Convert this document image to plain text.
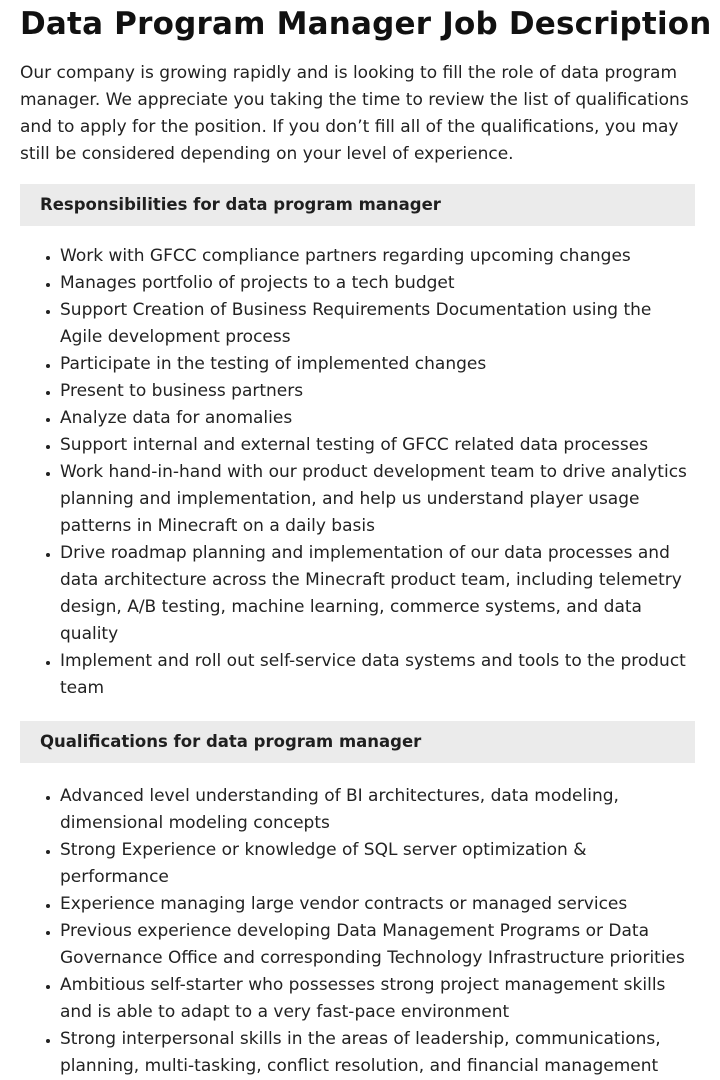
Data Program Manager Job Description

Our company is growing rapidly and is looking to fill the role of data program manager. We appreciate you taking the time to review the list of qualifications and to apply for the position. If you don’t fill all of the qualifications, you may still be considered depending on your level of experience.

Responsibilities for data program manager
• Work with GFCC compliance partners regarding upcoming changes
• Manages portfolio of projects to a tech budget
• Support Creation of Business Requirements Documentation using the Agile development process
• Participate in the testing of implemented changes
• Present to business partners
• Analyze data for anomalies
• Support internal and external testing of GFCC related data processes
• Work hand-in-hand with our product development team to drive analytics planning and implementation, and help us understand player usage patterns in Minecraft on a daily basis
• Drive roadmap planning and implementation of our data processes and data architecture across the Minecraft product team, including telemetry design, A/B testing, machine learning, commerce systems, and data quality
• Implement and roll out self-service data systems and tools to the product team
Qualifications for data program manager
• Advanced level understanding of BI architectures, data modeling, dimensional modeling concepts
• Strong Experience or knowledge of SQL server optimization & performance
• Experience managing large vendor contracts or managed services
• Previous experience developing Data Management Programs or Data Governance Office and corresponding Technology Infrastructure priorities
• Ambitious self-starter who possesses strong project management skills and is able to adapt to a very fast-pace environment
• Strong interpersonal skills in the areas of leadership, communications, planning, multi-tasking, conflict resolution, and financial management
